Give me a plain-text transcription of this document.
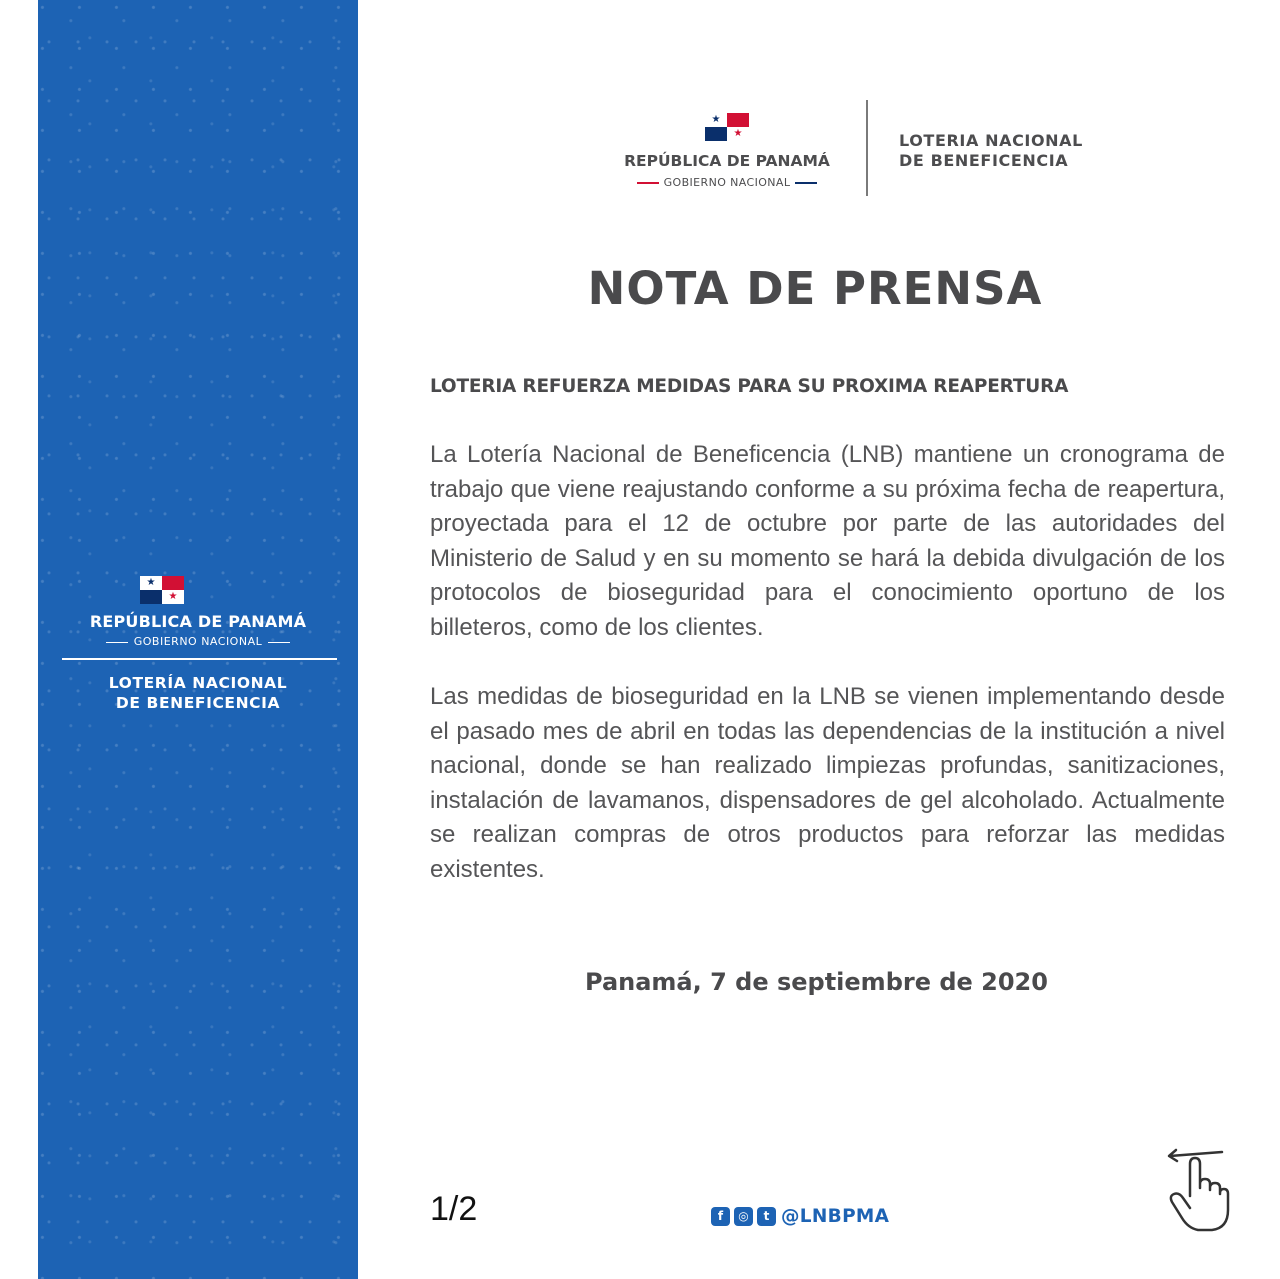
★
★
REPÚBLICA DE PANAMÁ
GOBIERNO NACIONAL
LOTERÍA NACIONAL
DE BENEFICENCIA
★
★
REPÚBLICA DE PANAMÁ
GOBIERNO NACIONAL
LOTERIA NACIONAL
DE BENEFICENCIA
NOTA DE PRENSA
LOTERIA REFUERZA MEDIDAS PARA SU PROXIMA REAPERTURA

La Lotería Nacional de Beneficencia (LNB) mantiene un cronograma de trabajo que viene reajustando conforme a su próxima fecha de reapertura, proyectada para el 12 de octubre por parte de las autoridades del Ministerio de Salud y en su momento se hará la debida divulgación de los protocolos de bioseguridad para el conocimiento oportuno de los billeteros, como de los clientes.

Las medidas de bioseguridad en la LNB se vienen implementando desde el pasado mes de abril en todas las dependencias de la institución a nivel nacional, donde se han realizado limpiezas profundas, sanitizaciones, instalación de lavamanos, dispensadores de gel alcoholado. Actualmente se realizan compras de otros productos para reforzar las medidas existentes.

Panamá, 7 de septiembre de 2020
1/2	f	◎	t @LNBPMA
